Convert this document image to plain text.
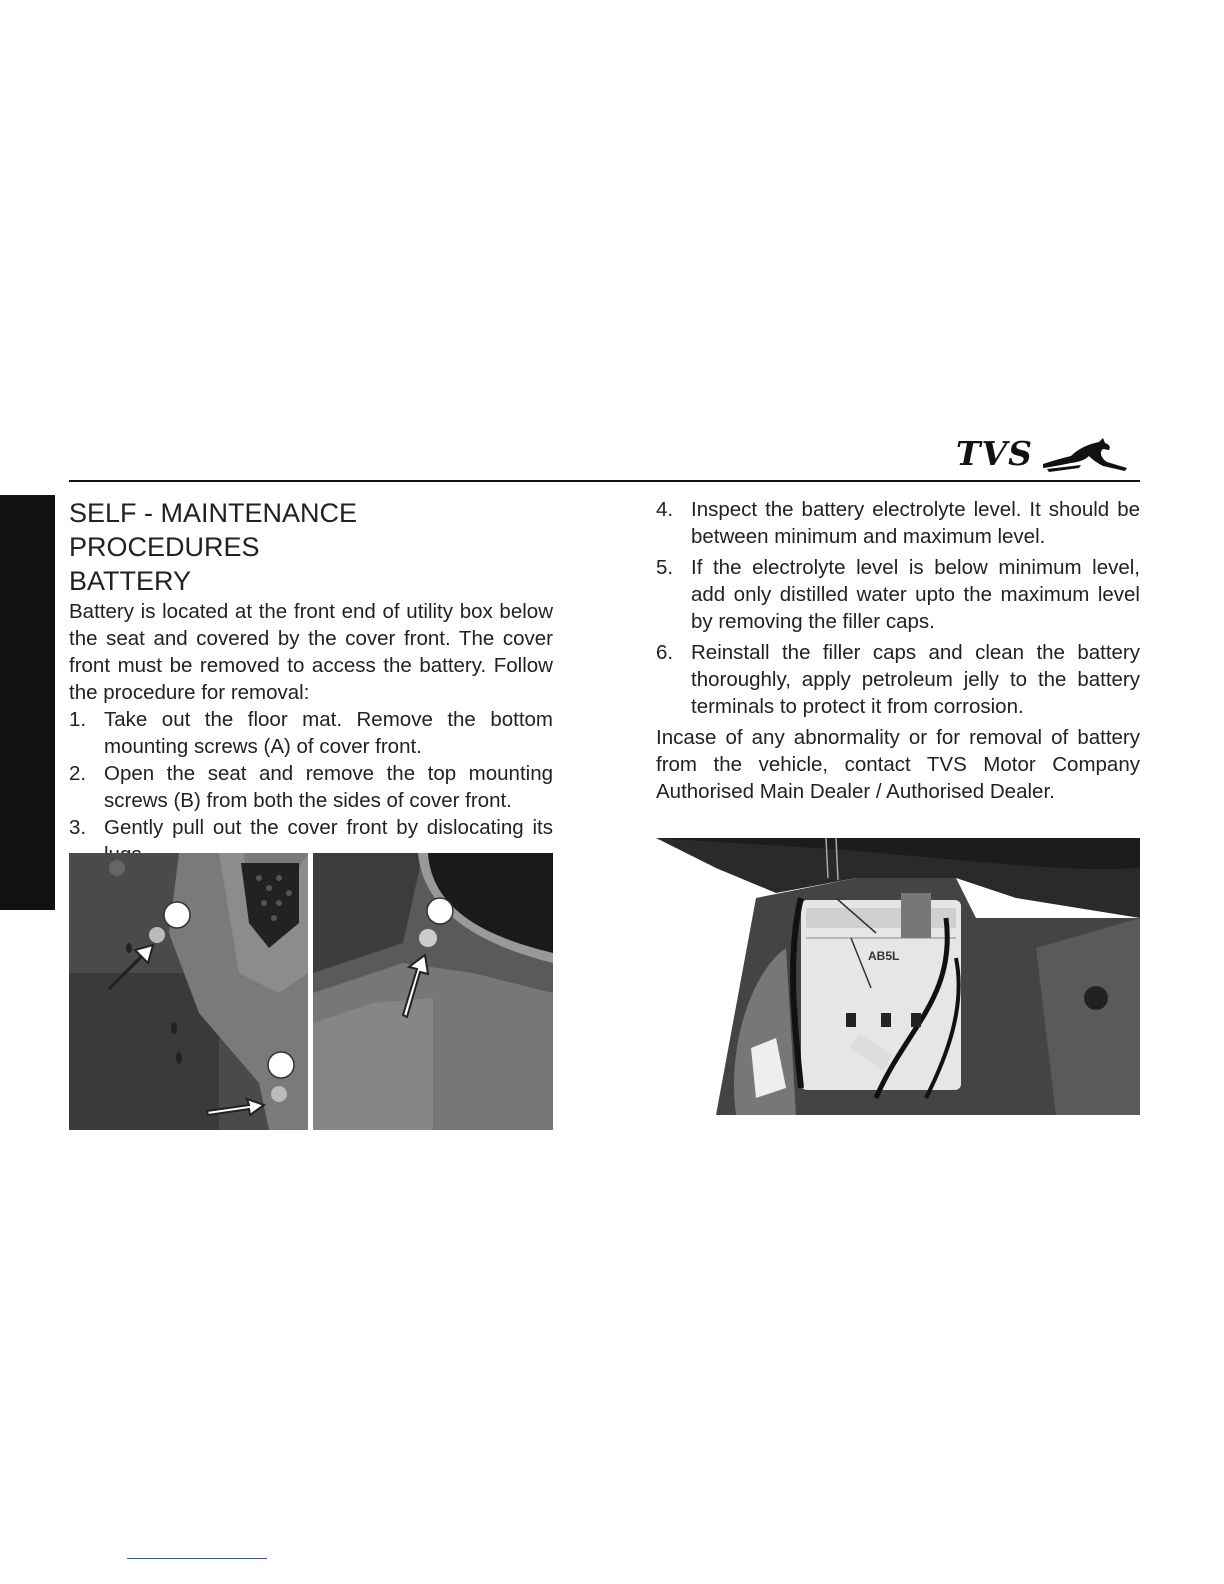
TVS
SELF - MAINTENANCE PROCEDURES
BATTERY

Battery is located at the front end of utility box below the seat and covered by the cover front. The cover front must be removed to access the battery. Follow the procedure for removal:

1. Take out the floor mat. Remove the bottom mounting screws (A) of cover front.
2. Open the seat and remove the top mounting screws (B) from both the sides of cover front.
3. Gently pull out the cover front by dislocating its
4. Inspect the battery electrolyte level. It should be between minimum and maximum level.
5. If the electrolyte level is below minimum level, add only distilled water upto the maximum level by removing the filler caps.
6. Reinstall the filler caps and clean the battery thoroughly, apply petroleum jelly to the battery terminals to protect it from corrosion.

Incase of any abnormality or for removal of battery from the vehicle, contact TVS Motor Company Authorised Main Dealer / Authorised Dealer.

AB5L
